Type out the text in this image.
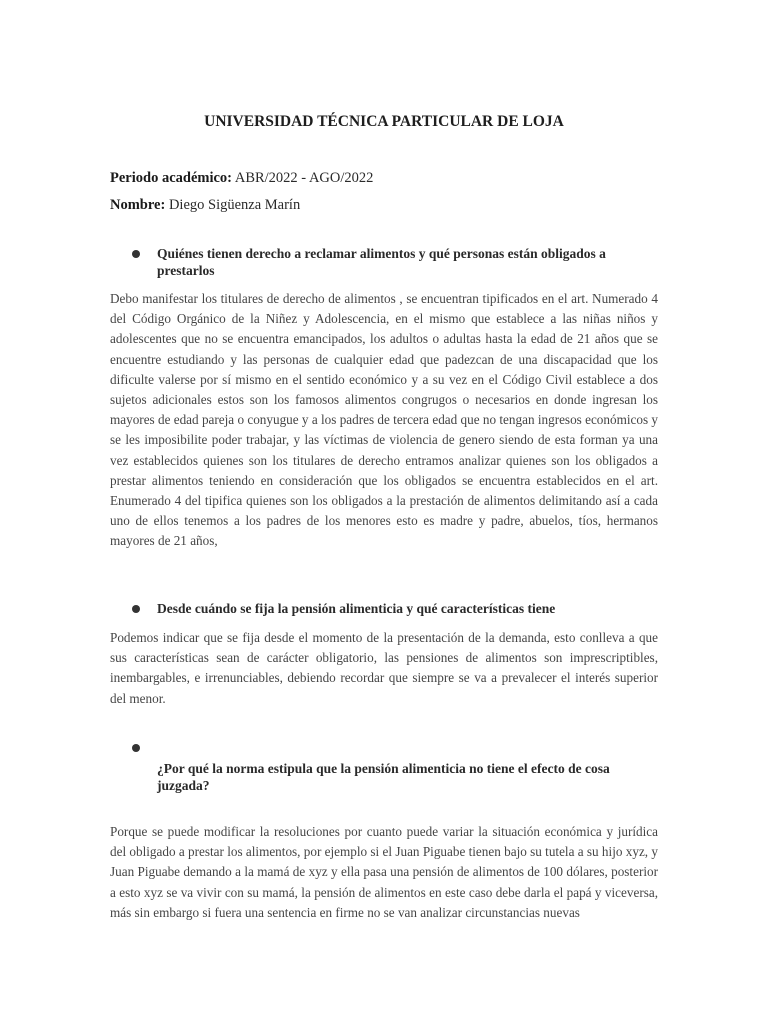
UNIVERSIDAD TÉCNICA PARTICULAR DE LOJA
Periodo académico: ABR/2022 - AGO/2022
Nombre: Diego Sigüenza Marín
Quiénes tienen derecho a reclamar alimentos y qué personas están obligados a prestarlos
Debo manifestar los titulares de derecho de alimentos , se encuentran tipificados en el art. Numerado 4 del Código Orgánico de la Niñez y Adolescencia, en el mismo que establece a las niñas niños y adolescentes que no se encuentra emancipados, los adultos o adultas hasta la edad de 21 años que se encuentre estudiando y las personas de cualquier edad que padezcan de una discapacidad que los dificulte valerse por sí mismo en el sentido económico y a su vez en el Código Civil establece a dos sujetos adicionales estos son los famosos alimentos congrugos o necesarios en donde ingresan los mayores de edad pareja o conyugue y a los padres de tercera edad que no tengan ingresos económicos y se les imposibilite poder trabajar, y las víctimas de violencia de genero siendo de esta forman ya una vez establecidos quienes son los titulares de derecho entramos analizar quienes son los obligados a prestar alimentos teniendo en consideración que los obligados se encuentra establecidos en el art. Enumerado 4 del tipifica quienes son los obligados a la prestación de alimentos delimitando así a cada uno de ellos tenemos a los padres de los menores esto es madre y padre, abuelos, tíos, hermanos mayores de 21 años,
Desde cuándo se fija la pensión alimenticia y qué características tiene
Podemos indicar que se fija desde el momento de la presentación de la demanda, esto conlleva a que sus características sean de carácter obligatorio, las pensiones de alimentos son imprescriptibles, inembargables, e irrenunciables, debiendo recordar que siempre se va a prevalecer el interés superior del menor.
¿Por qué la norma estipula que la pensión alimenticia no tiene el efecto de cosa juzgada?
Porque se puede modificar la resoluciones por cuanto puede variar la situación económica y jurídica del obligado a prestar los alimentos, por ejemplo si el Juan Piguabe tienen bajo su tutela a su hijo xyz, y Juan Piguabe demando a la mamá de xyz y ella pasa una pensión de alimentos de 100 dólares, posterior a esto xyz se va vivir con su mamá, la pensión de alimentos en este caso debe darla el papá y viceversa, más sin embargo si fuera una sentencia en firme no se van analizar circunstancias nuevas
